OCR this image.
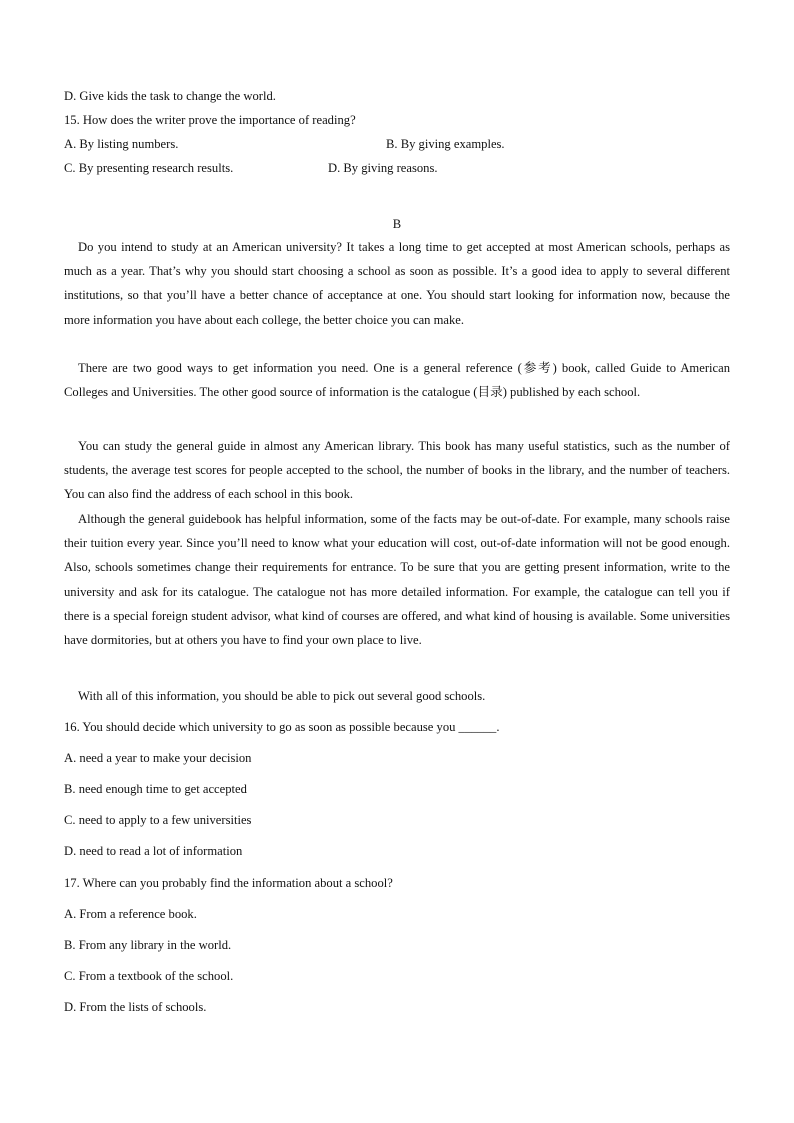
D. Give kids the task to change the world.
15. How does the writer prove the importance of reading?
A. By listing numbers.	B. By giving examples.
C. By presenting research results.	D. By giving reasons.
B
Do you intend to study at an American university? It takes a long time to get accepted at most American schools, perhaps as much as a year. That’s why you should start choosing a school as soon as possible. It’s a good idea to apply to several different institutions, so that you’ll have a better chance of acceptance at one. You should start looking for information now, because the more information you have about each college, the better choice you can make.
There are two good ways to get information you need. One is a general reference (参考) book, called Guide to American Colleges and Universities. The other good source of information is the catalogue (目录) published by each school.
You can study the general guide in almost any American library. This book has many useful statistics, such as the number of students, the average test scores for people accepted to the school, the number of books in the library, and the number of teachers. You can also find the address of each school in this book.
Although the general guidebook has helpful information, some of the facts may be out-of-date. For example, many schools raise their tuition every year. Since you’ll need to know what your education will cost, out-of-date information will not be good enough. Also, schools sometimes change their requirements for entrance. To be sure that you are getting present information, write to the university and ask for its catalogue. The catalogue not has more detailed information. For example, the catalogue can tell you if there is a special foreign student advisor, what kind of courses are offered, and what kind of housing is available. Some universities have dormitories, but at others you have to find your own place to live.
With all of this information, you should be able to pick out several good schools.
16. You should decide which university to go as soon as possible because you ______.
A. need a year to make your decision
B. need enough time to get accepted
C. need to apply to a few universities
D. need to read a lot of information
17. Where can you probably find the information about a school?
A. From a reference book.
B. From any library in the world.
C. From a textbook of the school.
D. From the lists of schools.
